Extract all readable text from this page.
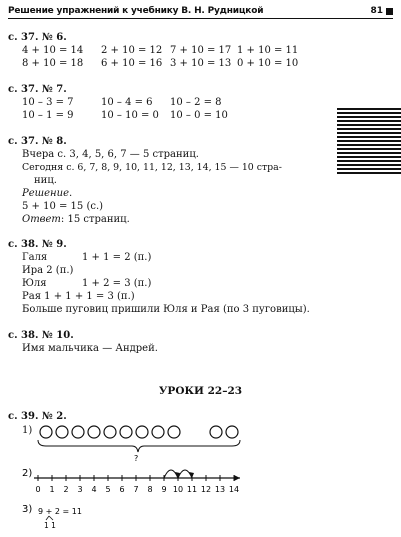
Решение упражнений к учебнику В. Н. Рудницкой	81
с. 37. № 6.
4 + 10 = 14 2 + 10 = 12 7 + 10 = 17 1 + 10 = 11
8 + 10 = 18 6 + 10 = 16 3 + 10 = 13 0 + 10 = 10
с. 37. № 7.
10 – 3 = 7	10 – 4 = 6 10 – 2 = 8
10 – 1 = 9	10 – 10 = 0 10 – 0 = 10
с. 37. № 8.
Вчера с. 3, 4, 5, 6, 7 — 5 страниц.
Сегодня с. 6, 7, 8, 9, 10, 11, 12, 13, 14, 15 — 10 стра-
ниц.
Решение.
5 + 10 = 15 (с.)
Ответ: 15 страниц.
с. 38. № 9.
Галя	1 + 1 = 2 (п.)
Ира 2 (п.)
Юля	1 + 2 = 3 (п.)
Рая 1 + 1 + 1 = 3 (п.)
Больше пуговиц пришили Юля и Рая (по 3 пуговицы).
с. 38. № 10.
Имя мальчика — Андрей.
УРОКИ 22–23
с. 39. № 2.
1)
?
2)
0 1 2 3 4 5 6 7 8 9 10 11 12 13 14
3) 9 + 2 = 11
1 1
